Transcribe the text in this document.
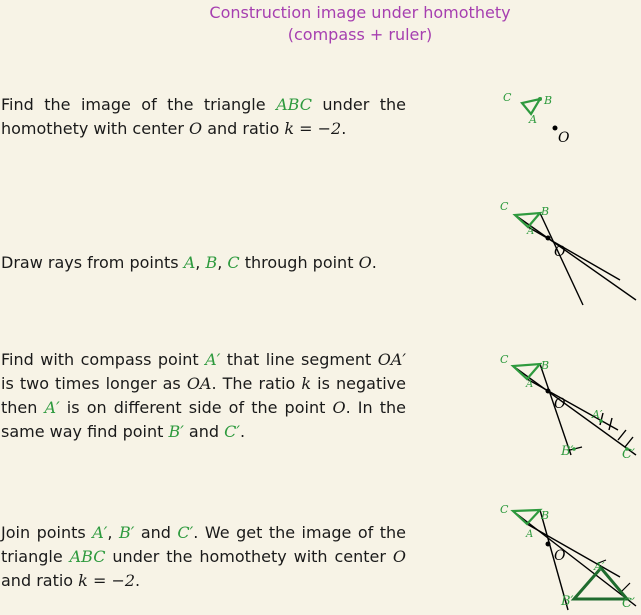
Construction image under homothety
(compass + ruler)
Find the image of the triangle ABC under the homothety with center O and ratio k = −2.
Draw rays from points A, B, C through point O.
Find with compass point A′ that line segment OA′ is two times longer as OA. The ratio k is negative then A′ is on different side of the point O. In the same way find point B′ and C′.
Join points A′, B′ and C′. We get the image of the triangle ABC under the homothety with center O and ratio k = −2.
C	B
A
O
C	B
A
O
C	B
A
O
A′
B′	C′
C	B
A
O
A′
B′	C′
